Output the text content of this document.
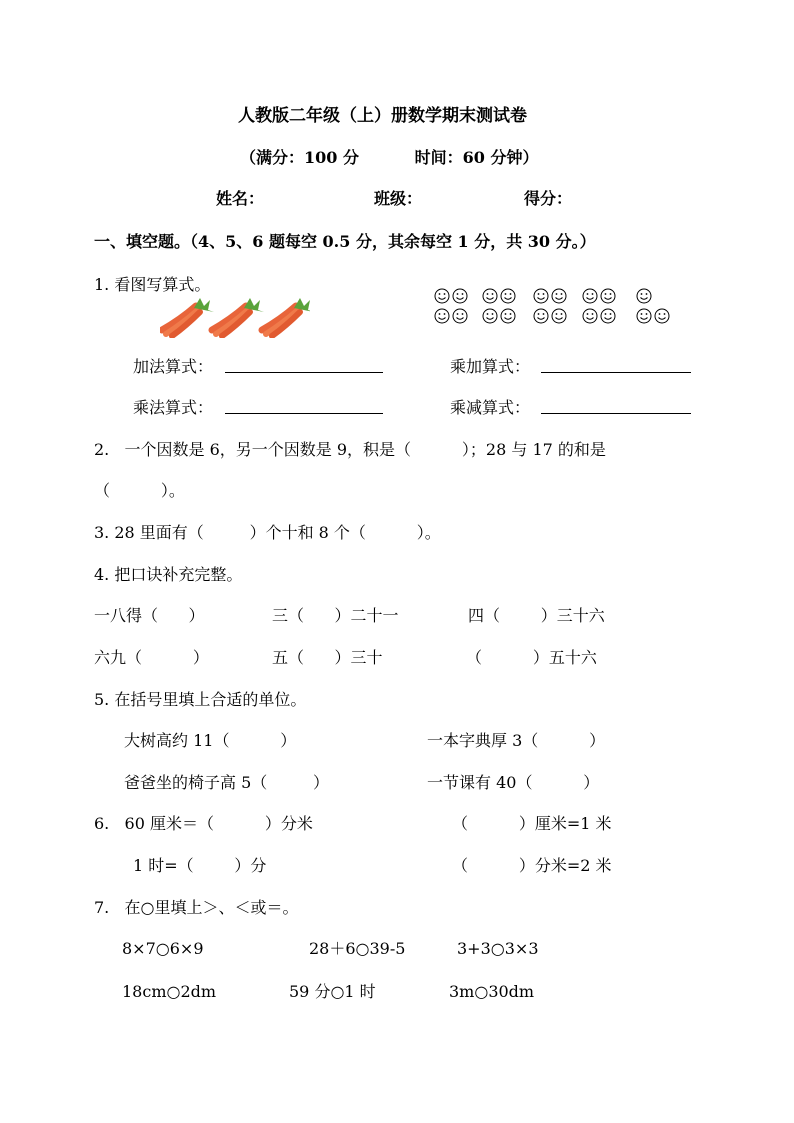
人教版二年级（上）册数学期末测试卷
（满分：100 分          时间：60 分钟）
姓名：	班级：	得分：
一、填空题。（4、5、6 题每空 0.5 分，其余每空 1 分，共 30 分。）
1. 看图写算式。
加法算式：	乘加算式：
乘法算式：	乘减算式：
2.   一个因数是 6，另一个因数是 9，积是（          ）；28 与 17 的和是
（          ）。
3. 28 里面有（         ）个十和 8 个（          ）。
4. 把口诀补充完整。
一八得（      ）	三（      ）二十一	四（        ）三十六
六九（          ）	五（      ）三十	（          ）五十六
5. 在括号里填上合适的单位。
大树高约 11（          ）	一本字典厚 3（          ）
爸爸坐的椅子高 5（         ）	一节课有 40（          ）
6.   60 厘米＝（          ）分米	（          ）厘米=1 米
1 时=（        ）分	（          ）分米=2 米
7.   在○里填上＞、＜或＝。
8×7○6×9	28＋6○39-5	3+3○3×3
18cm○2dm	59 分○1 时	3m○30dm
